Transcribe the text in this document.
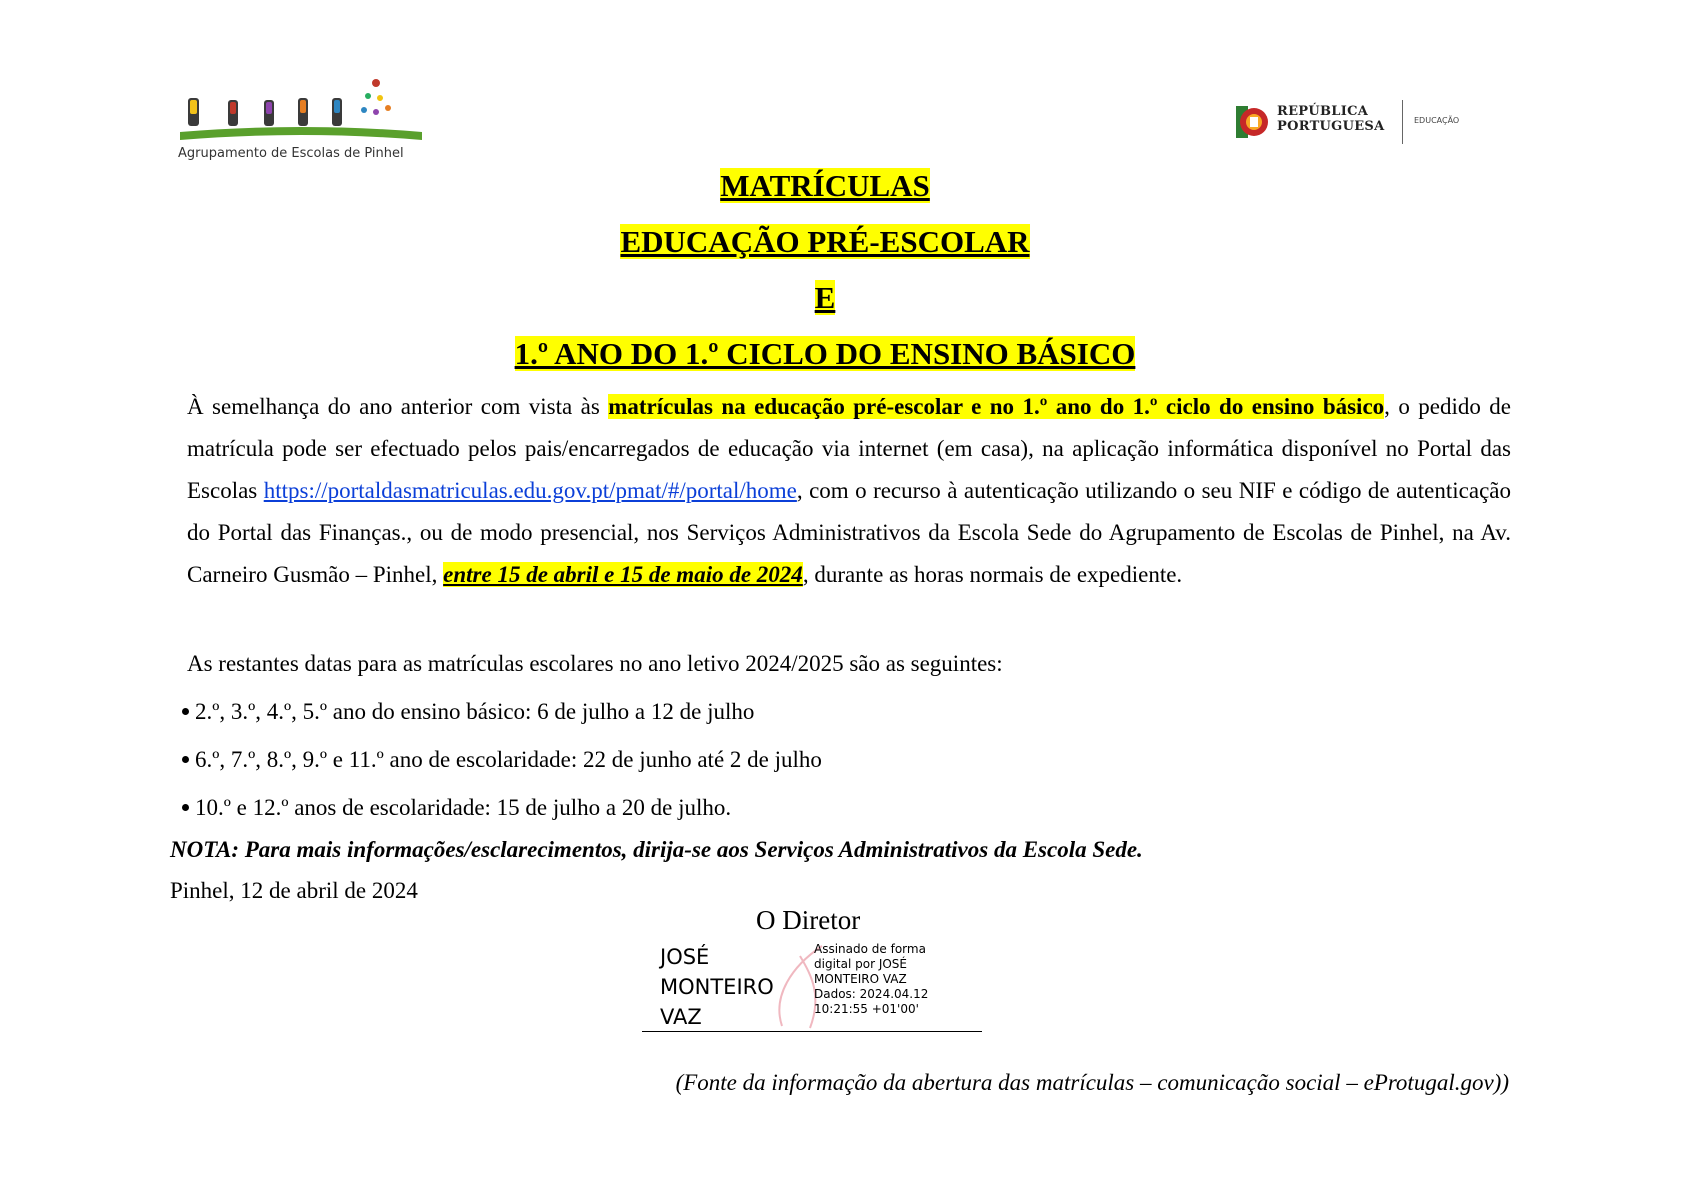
Agrupamento de Escolas de Pinhel
REPÚBLICA
PORTUGUESA	EDUCAÇÃO
MATRÍCULAS
EDUCAÇÃO PRÉ-ESCOLAR
E
1.º ANO DO 1.º CICLO DO ENSINO BÁSICO
À semelhança do ano anterior com vista às matrículas na educação pré-escolar e no 1.º ano do 1.º ciclo do ensino básico, o pedido de matrícula pode ser efectuado pelos pais/encarregados de educação via internet (em casa), na aplicação informática disponível no Portal das Escolas https://portaldasmatriculas.edu.gov.pt/pmat/#/portal/home, com o recurso à autenticação utilizando o seu NIF e código de autenticação do Portal das Finanças., ou de modo presencial, nos Serviços Administrativos da Escola Sede do Agrupamento de Escolas de Pinhel, na Av. Carneiro Gusmão – Pinhel, entre 15 de abril e 15 de maio de 2024, durante as horas normais de expediente.
As restantes datas para as matrículas escolares no ano letivo 2024/2025 são as seguintes:
2.º, 3.º, 4.º, 5.º ano do ensino básico: 6 de julho a 12 de julho
6.º, 7.º, 8.º, 9.º e 11.º ano de escolaridade: 22 de junho até 2 de julho
10.º e 12.º anos de escolaridade: 15 de julho a 20 de julho.
NOTA: Para mais informações/esclarecimentos, dirija-se aos Serviços Administrativos da Escola Sede.
Pinhel, 12 de abril de 2024
O Diretor
JOSÉ
MONTEIRO
VAZ
Assinado de forma
digital por JOSÉ
MONTEIRO VAZ
Dados: 2024.04.12
10:21:55 +01'00'
(Fonte da informação da abertura das matrículas – comunicação social – eProtugal.gov))
